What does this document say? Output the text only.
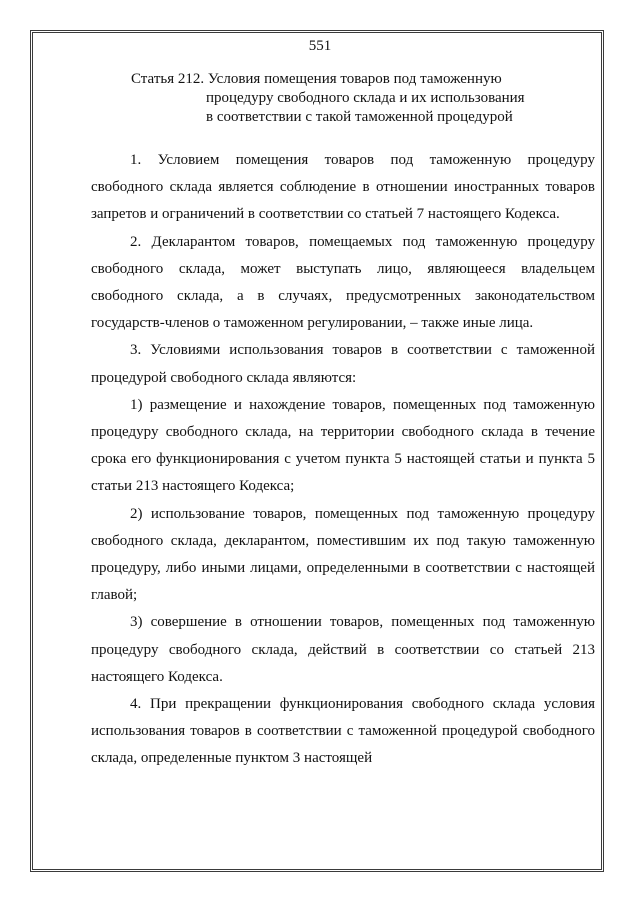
551
Статья 212. Условия помещения товаров под таможенную
процедуру свободного склада и их использования
в соответствии с такой таможенной процедурой

1. Условием помещения товаров под таможенную процедуру свободного склада является соблюдение в отношении иностранных товаров запретов и ограничений в соответствии со статьей 7 настоящего Кодекса.

2. Декларантом товаров, помещаемых под таможенную процедуру свободного склада, может выступать лицо, являющееся владельцем свободного склада, а в случаях, предусмотренных законодательством государств-членов о таможенном регулировании, – также иные лица.

3. Условиями использования товаров в соответствии с таможенной процедурой свободного склада являются:

1) размещение и нахождение товаров, помещенных под таможенную процедуру свободного склада, на территории свободного склада в течение срока его функционирования с учетом пункта 5 настоящей статьи и пункта 5 статьи 213 настоящего Кодекса;

2) использование товаров, помещенных под таможенную процедуру свободного склада, декларантом, поместившим их под такую таможенную процедуру, либо иными лицами, определенными в соответствии с настоящей главой;

3) совершение в отношении товаров, помещенных под таможенную процедуру свободного склада, действий в соответствии со статьей 213 настоящего Кодекса.

4. При прекращении функционирования свободного склада условия использования товаров в соответствии с таможенной процедурой свободного склада, определенные пунктом 3 настоящей
